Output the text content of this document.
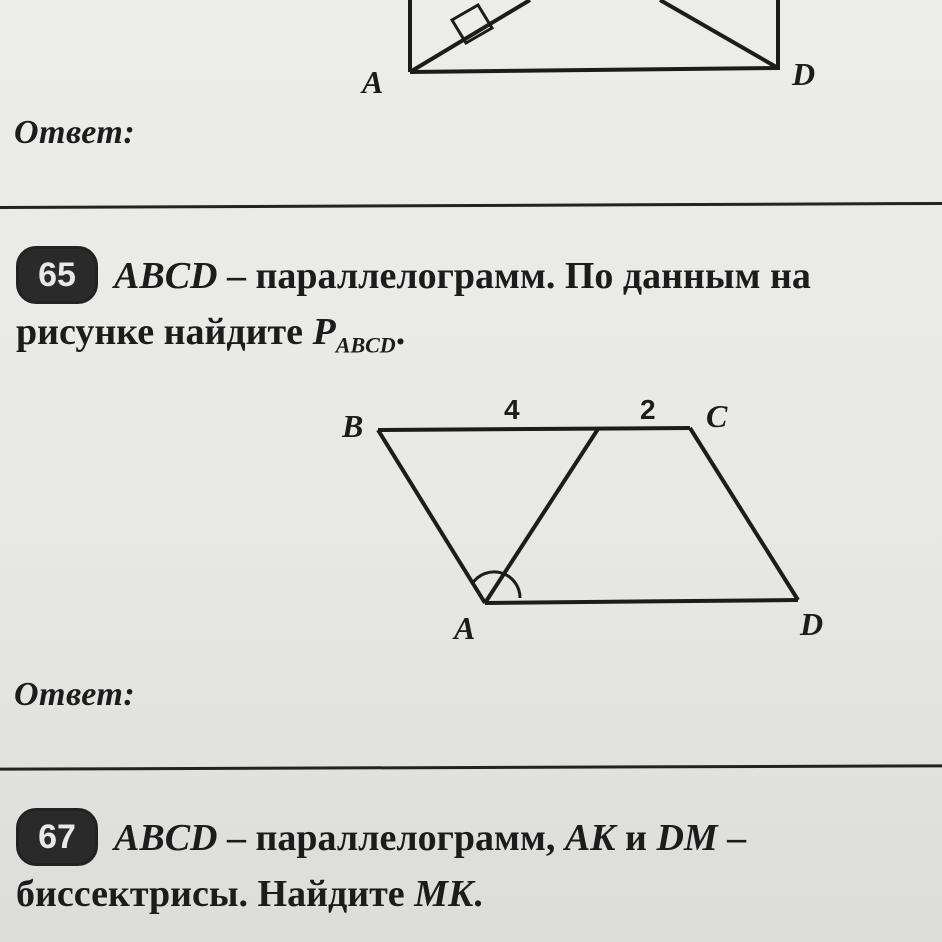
A	D
Ответ:
65	ABCD – параллелограмм. По данным на
рисунке найдите $P_{ABCD}$.
B	C
A	D
4	2
Ответ:
67	ABCD – параллелограмм, AK и DM –
биссектрисы. Найдите MK.
